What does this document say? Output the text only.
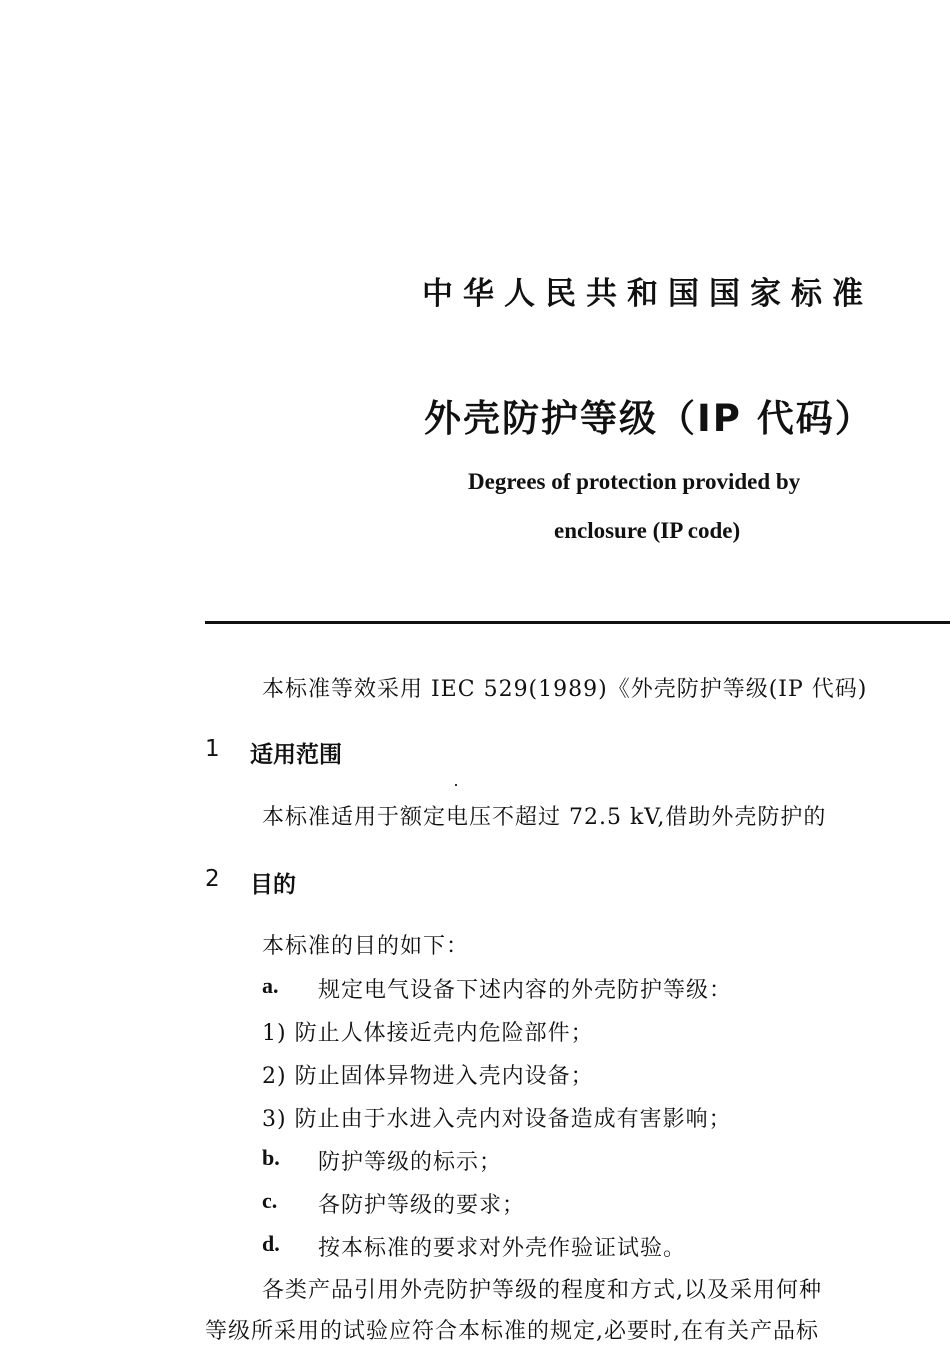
中华人民共和国国家标准
外壳防护等级（IP 代码）
Degrees of protection provided by
enclosure (IP code)
本标准等效采用 IEC 529(1989)《外壳防护等级(IP 代码)
1 适用范围
本标准适用于额定电压不超过 72.5 kV,借助外壳防护的
2 目的
本标准的目的如下：
a. 规定电气设备下述内容的外壳防护等级：
1) 防止人体接近壳内危险部件；
2) 防止固体异物进入壳内设备；
3) 防止由于水进入壳内对设备造成有害影响；
b. 防护等级的标示；
c. 各防护等级的要求；
d. 按本标准的要求对外壳作验证试验。
各类产品引用外壳防护等级的程度和方式,以及采用何种
等级所采用的试验应符合本标准的规定,必要时,在有关产品标
